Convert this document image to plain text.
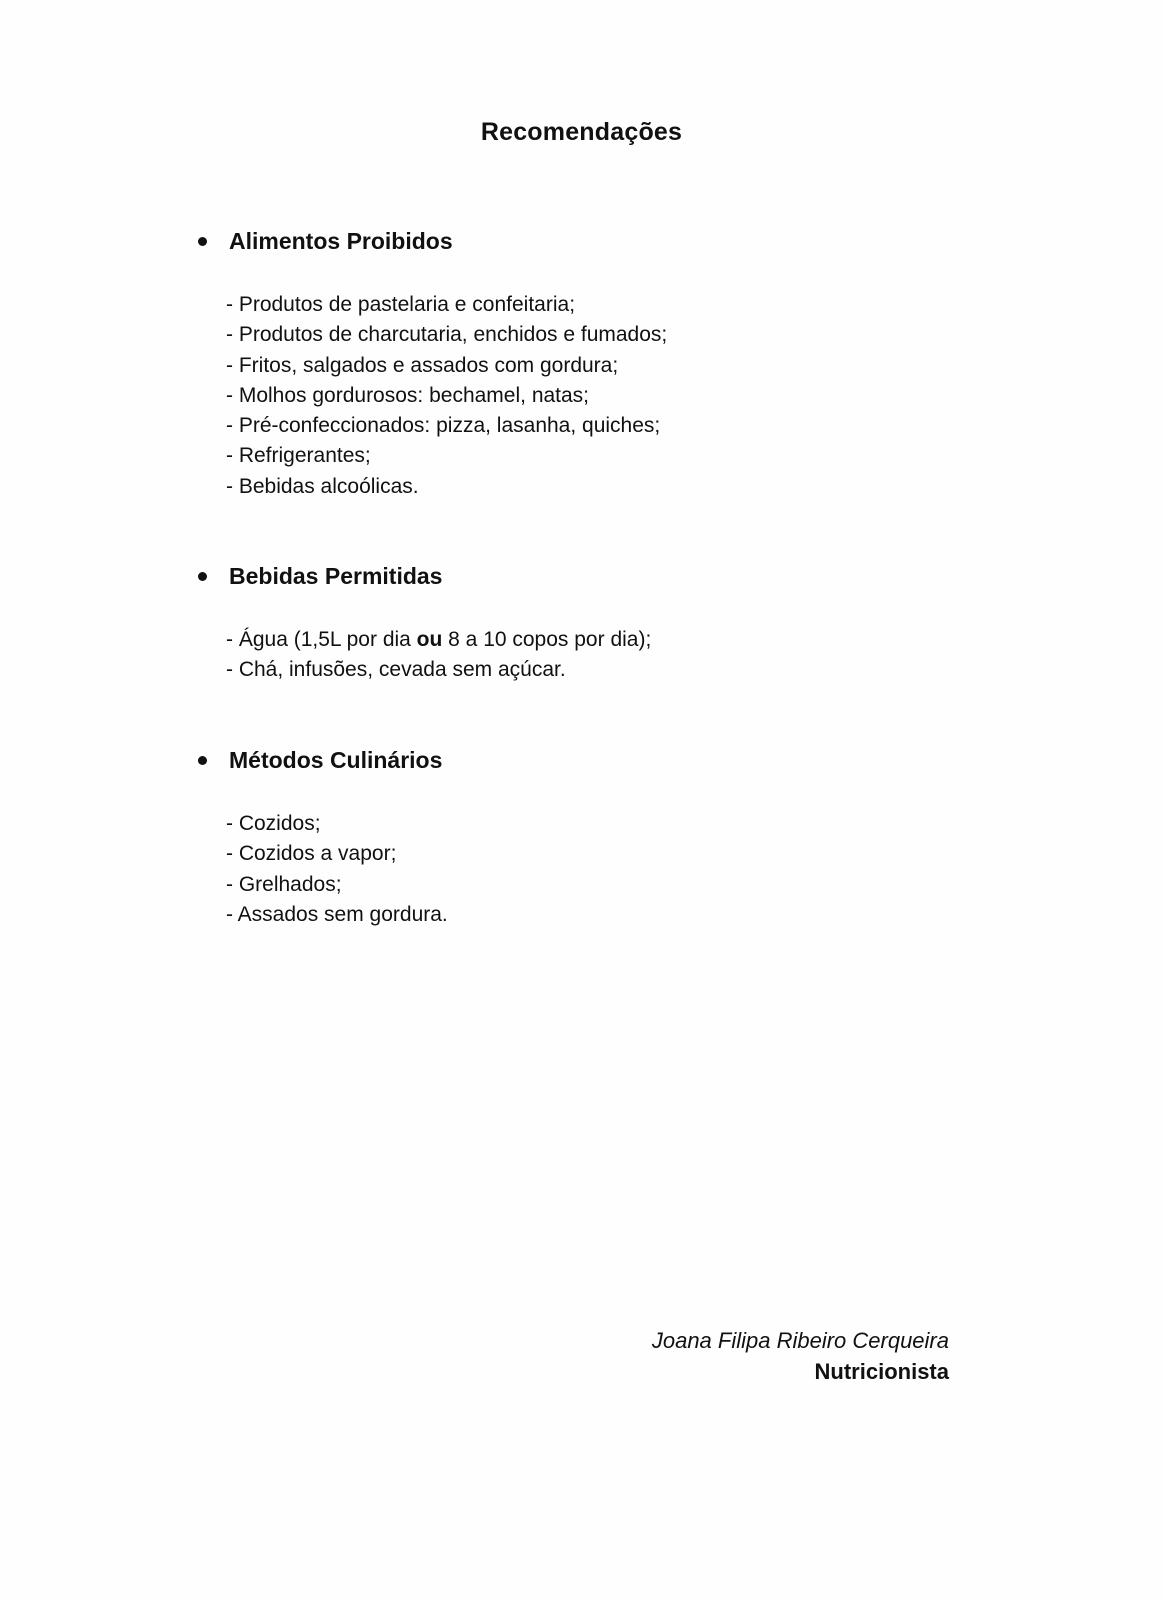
Recomendações
Alimentos Proibidos
- Produtos de pastelaria e confeitaria;
- Produtos de charcutaria, enchidos e fumados;
- Fritos, salgados e assados com gordura;
- Molhos gordurosos: bechamel, natas;
- Pré-confeccionados: pizza, lasanha, quiches;
- Refrigerantes;
- Bebidas alcoólicas.
Bebidas Permitidas
- Água (1,5L por dia ou 8 a 10 copos por dia);
- Chá, infusões, cevada sem açúcar.
Métodos Culinários
- Cozidos;
- Cozidos a vapor;
- Grelhados;
- Assados sem gordura.
Joana Filipa Ribeiro Cerqueira
Nutricionista
